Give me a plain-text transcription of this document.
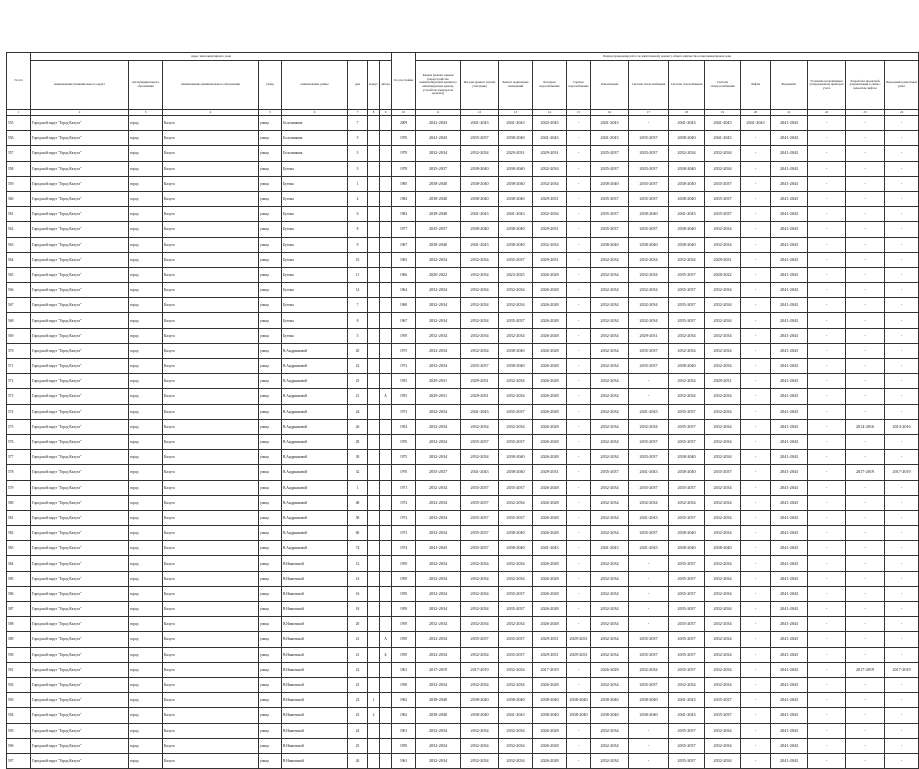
№ п/п	Адрес многоквартирного дома								Год постройки	Период проведения работ по капитальному ремонту общего имущества в многоквартирном доме													
	наименование муниципального округа	тип муниципального образования	наименование муниципального образования	улица	наименование улицы	дом	корпус	литера		Крыша (ремонт крыши (переустройство невентилируемой крыши на вентилируемую крышу, устройство выходов на кровлю))	Фасады (ремонт и (или) утепление)	Ремонт подвальных помещений	Холодное водоснабжение	Горячее водоснабжение	Канализация	Система теплоснабжения	Система газоснабжения	Система электроснабжения	Лифты	Фундамент	Установка коллективных (общедомовых) приборов учета	Разработка проектной документации в связи с ремонтом лифтов	Переоценка ремонтных работ
1	2	3	4	5	6	7	8	9	10	11	12	13	14	15	16	17	18	19	20	21	22	23	24
555	Городской округ "Город Калуга"	город	Калуга	улица	Болотникова	7			2009	2041-2043	2041-2043	2041-2043	2043-2045	-	2041-2043	-	2041-2043	2041-2043	2041-2043	2041-2043	-	-	-
556	Городской округ "Город Калуга"	город	Калуга	улица	Болотникова	5			1976	2041-2043	2035-2037	2038-2040	2041-2043	-	2041-2043	2035-2037	2038-2040	2041-2043	-	2041-2043	-	-	-
557	Городской округ "Город Калуга"	город	Калуга	улица	Болотникова	3			1979	2032-2034	2032-2034	2029-2031	2029-2031	-	2035-2037	2035-2037	2032-2034	2032-2034	-	2041-2043	-	-	-
558	Городской округ "Город Калуга"	город	Калуга	улица	Бутома	3			1978	2035-2037	2038-2040	2038-2040	2032-2034	-	2035-2037	2035-2037	2038-2040	2032-2034	-	2041-2043	-	-	-
559	Городской округ "Город Калуга"	город	Калуга	улица	Бутома	1			1985	2038-2040	2038-2040	2038-2040	2032-2034	-	2038-2040	2035-2037	2038-2040	2035-2037	-	2041-2043	-	-	-
560	Городской округ "Город Калуга"	город	Калуга	улица	Бутома	4			1982	2038-2040	2038-2040	2038-2040	2029-2031	-	2035-2037	2035-2037	2038-2040	2035-2037	-	2041-2043	-	-	-
561	Городской округ "Город Калуга"	город	Калуга	улица	Бутома	6			1982	2038-2040	2041-2043	2041-2043	2032-2034	-	2035-2037	2038-2040	2041-2043	2035-2037	-	2041-2043	-	-	-
562	Городской округ "Город Калуга"	город	Калуга	улица	Бутома	8			1977	2035-2037	2038-2040	2038-2040	2029-2031	-	2035-2037	2035-2037	2038-2040	2032-2034	-	2041-2043	-	-	-
563	Городской округ "Город Калуга"	город	Калуга	улица	Бутома	9			1967	2038-2040	2041-2043	2038-2040	2032-2034	-	2038-2040	2038-2040	2038-2040	2032-2034	-	2041-2043	-	-	-
564	Городской округ "Город Калуга"	город	Калуга	улица	Бутома	10			1963	2032-2034	2032-2034	2035-2037	2029-2031	-	2032-2034	2032-2034	2032-2034	2029-2031	-	2041-2043	-	-	-
565	Городской округ "Город Калуга"	город	Калуга	улица	Бутома	11			1966	2020-2022	2032-2034	2023-2025	2026-2028	-	2032-2034	2032-2034	2035-2037	2020-2022	-	2041-2043	-	-	-
566	Городской округ "Город Калуга"	город	Калуга	улица	Бутома	14			1964	2032-2034	2032-2034	2032-2034	2026-2028	-	2032-2034	2032-2034	2035-2037	2032-2034	-	2041-2043	-	-	-
567	Городской округ "Город Калуга"	город	Калуга	улица	Бутома	7			1968	2032-2034	2032-2034	2032-2034	2026-2028	-	2032-2034	2032-2034	2035-2037	2032-2034	-	2041-2043	-	-	-
568	Городской округ "Город Калуга"	город	Калуга	улица	Бутома	8			1967	2032-2034	2032-2034	2035-2037	2026-2028	-	2032-2034	2032-2034	2035-2037	2032-2034	-	2041-2043	-	-	-
569	Городской округ "Город Калуга"	город	Калуга	улица	Бутома	5			1959	2032-2034	2032-2034	2032-2034	2026-2028	-	2032-2034	2029-2031	2032-2034	2032-2034	-	2041-2043	-	-	-
570	Городской округ "Город Калуга"	город	Калуга	улица	В.Андриановой	20			1975	2032-2034	2032-2034	2038-2040	2026-2028	-	2032-2034	2035-2037	2032-2034	2032-2034	-	2041-2043	-	-	-
571	Городской округ "Город Калуга"	город	Калуга	улица	В.Андриановой	22			1972	2032-2034	2035-2037	2038-2040	2026-2028	-	2032-2034	2035-2037	2038-2040	2032-2034	-	2041-2043	-	-	-
572	Городской округ "Город Калуга"	город	Калуга	улица	В.Андриановой	25			1955	2029-2031	2029-2031	2032-2034	2026-2028	-	2032-2034	-	2032-2034	2029-2031	-	2041-2043	-	-	-
573	Городской округ "Город Калуга"	город	Калуга	улица	В.Андриановой	21		А	1955	2029-2031	2029-2031	2032-2034	2026-2028	-	2032-2034	-	2032-2034	2032-2034	-	2041-2043	-	-	-
574	Городской округ "Город Калуга"	город	Калуга	улица	В.Андриановой	24			1973	2032-2034	2041-2043	2035-2037	2026-2028	-	2032-2034	2041-2043	2035-2037	2032-2034	-	2041-2043	-	-	-
575	Городской округ "Город Калуга"	город	Калуга	улица	В.Андриановой	26			1954	2032-2034	2032-2034	2032-2034	2026-2028	-	2032-2034	2032-2034	2035-2037	2032-2034	-	2041-2043	-	2014-2016	2014-2016
576	Городской округ "Город Калуга"	город	Калуга	улица	В.Андриановой	28			1976	2032-2034	2035-2037	2035-2037	2026-2028	-	2032-2034	2035-2037	2035-2037	2032-2034	-	2041-2043	-	-	-
577	Городской округ "Город Калуга"	город	Калуга	улица	В.Андриановой	30			1975	2032-2034	2032-2034	2038-2040	2026-2028	-	2032-2034	2035-2037	2038-2040	2032-2034	-	2041-2043	-	-	-
578	Городской округ "Город Калуга"	город	Калуга	улица	В.Андриановой	32			1976	2035-2037	2041-2043	2038-2040	2029-2031	-	2035-2037	2041-2043	2038-2040	2035-2037	-	2041-2043	-	2017-2019	2017-2019
579	Городской округ "Город Калуга"	город	Калуга	улица	В.Андриановой	1			1971	2032-2034	2035-2037	2035-2037	2026-2028	-	2032-2034	2035-2037	2035-2037	2032-2034	-	2041-2043	-	-	-
580	Городской округ "Город Калуга"	город	Калуга	улица	В.Андриановой	48			1972	2032-2034	2035-2037	2032-2034	2026-2028	-	2032-2034	2032-2034	2032-2034	2032-2034	-	2041-2043	-	-	-
581	Городской округ "Город Калуга"	город	Калуга	улица	В.Андриановой	58			1972	2032-2034	2035-2037	2035-2037	2026-2028	-	2032-2034	2041-2043	2035-2037	2032-2034	-	2041-2043	-	-	-
582	Городской округ "Город Калуга"	город	Калуга	улица	В.Андриановой	60			1973	2032-2034	2035-2037	2038-2040	2026-2028	-	2032-2034	2035-2037	2038-2040	2032-2034	-	2041-2043	-	-	-
583	Городской округ "Город Калуга"	город	Калуга	улица	В.Андриановой	74			1974	2041-2043	2035-2037	2038-2040	2041-2043	-	2041-2043	2041-2043	2038-2040	2038-2040	-	2041-2043	-	-	-
584	Городской округ "Город Калуга"	город	Калуга	улица	В.Никитиной	12			1959	2032-2034	2032-2034	2032-2034	2026-2028	-	2032-2034	-	2035-2037	2032-2034	-	2041-2043	-	-	-
585	Городской округ "Город Калуга"	город	Калуга	улица	В.Никитиной	14			1959	2032-2034	2032-2034	2032-2034	2026-2028	-	2032-2034	-	2035-2037	2032-2034	-	2041-2043	-	-	-
586	Городской округ "Город Калуга"	город	Калуга	улица	В.Никитиной	16			1959	2032-2034	2032-2034	2035-2037	2026-2028	-	2032-2034	-	2035-2037	2032-2034	-	2041-2043	-	-	-
587	Городской округ "Город Калуга"	город	Калуга	улица	В.Никитиной	18			1959	2032-2034	2032-2034	2035-2037	2026-2028	-	2032-2034	-	2035-2037	2032-2034	-	2041-2043	-	-	-
588	Городской округ "Город Калуга"	город	Калуга	улица	В.Никитиной	20			1959	2032-2034	2032-2034	2032-2034	2026-2028	-	2032-2034	-	2035-2037	2032-2034	-	2041-2043	-	-	-
589	Городской округ "Город Калуга"	город	Калуга	улица	В.Никитиной	21		А	1959	2032-2034	2035-2037	2035-2037	2029-2031	2029-2031	2032-2034	2035-2037	2035-2037	2032-2034	-	2041-2043	-	-	-
590	Городской округ "Город Калуга"	город	Калуга	улица	В.Никитиной	21		Б	1959	2032-2034	2032-2034	2035-2037	2029-2031	2029-2031	2032-2034	2035-2037	2035-2037	2032-2034	-	2041-2043	-	-	-
591	Городской округ "Город Калуга"	город	Калуга	улица	В.Никитиной	22			1961	2017-2019	2017-2019	2032-2034	2017-2019	-	2026-2028	2032-2034	2035-2037	2032-2034	-	2041-2043	-	2017-2019	2017-2019
592	Городской округ "Город Калуга"	город	Калуга	улица	В.Никитиной	23			1958	2032-2034	2032-2034	2032-2034	2026-2028	-	2032-2034	2035-2037	2032-2034	2032-2034	-	2041-2043	-	-	-
593	Городской округ "Город Калуга"	город	Калуга	улица	В.Никитиной	23	1		1962	2038-2040	2038-2040	2038-2040	2038-2040	2038-2040	2038-2040	2038-2040	2041-2043	2035-2037	-	2041-2043	-	-	-
594	Городской округ "Город Калуга"	город	Калуга	улица	В.Никитиной	23	2		1962	2038-2040	2038-2040	2041-2043	2038-2040	2038-2040	2038-2040	2038-2040	2041-2043	2035-2037	-	2041-2043	-	-	-
595	Городской округ "Город Калуга"	город	Калуга	улица	В.Никитиной	24			1961	2032-2034	2032-2034	2032-2034	2026-2028	-	2032-2034	-	2035-2037	2032-2034	-	2041-2043	-	-	-
596	Городской округ "Город Калуга"	город	Калуга	улица	В.Никитиной	25			1959	2032-2034	2032-2034	2032-2034	2026-2028	-	2032-2034	-	2035-2037	2032-2034	-	2041-2043	-	-	-
597	Городской округ "Город Калуга"	город	Калуга	улица	В.Никитиной	26			1961	2032-2034	2032-2034	2032-2034	2026-2028	-	2032-2034	-	2035-2037	2032-2034	-	2041-2043	-	-	-
